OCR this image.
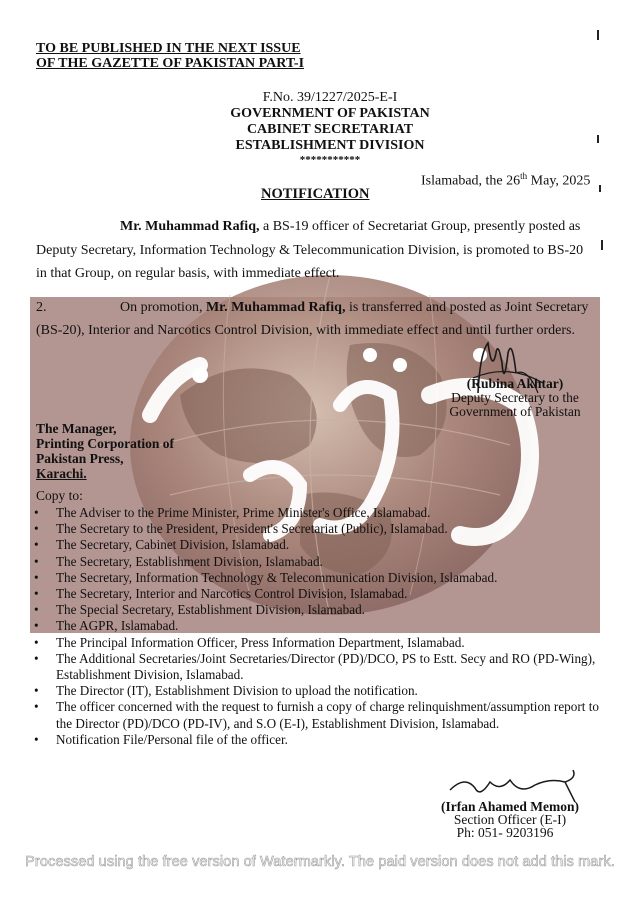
TO BE PUBLISHED IN THE NEXT ISSUE
OF THE GAZETTE OF PAKISTAN PART-I
F.No. 39/1227/2025-E-I
GOVERNMENT OF PAKISTAN
CABINET SECRETARIAT
ESTABLISHMENT DIVISION
***********
Islamabad, the 26th May, 2025
NOTIFICATION
Mr. Muhammad Rafiq, a BS-19 officer of Secretariat Group, presently posted as
Deputy Secretary, Information Technology & Telecommunication Division, is promoted to BS-20
in that Group, on regular basis, with immediate effect.
2.	On promotion, Mr. Muhammad Rafiq, is transferred and posted as Joint Secretary
(BS-20), Interior and Narcotics Control Division, with immediate effect and until further orders.
(Rubina Akhtar)
Deputy Secretary to the
Government of Pakistan
The Manager,
Printing Corporation of
Pakistan Press,
Karachi.
Copy to:
• The Adviser to the Prime Minister, Prime Minister's Office, Islamabad.
• The Secretary to the President, President's Secretariat (Public), Islamabad.
• The Secretary, Cabinet Division, Islamabad.
• The Secretary, Establishment Division, Islamabad.
• The Secretary, Information Technology & Telecommunication Division, Islamabad.
• The Secretary, Interior and Narcotics Control Division, Islamabad.
• The Special Secretary, Establishment Division, Islamabad.
• The AGPR, Islamabad.
• The Principal Information Officer, Press Information Department, Islamabad.
• The Additional Secretaries/Joint Secretaries/Director (PD)/DCO, PS to Estt. Secy and RO (PD-Wing), Establishment Division, Islamabad.
• The Director (IT), Establishment Division to upload the notification.
• The officer concerned with the request to furnish a copy of charge relinquishment/assumption report to the Director (PD)/DCO (PD-IV), and S.O (E-I), Establishment Division, Islamabad.
• Notification File/Personal file of the officer.
(Irfan Ahamed Memon)
Section Officer (E-I)
Ph: 051- 9203196
Processed using the free version of Watermarkly. The paid version does not add this mark.
